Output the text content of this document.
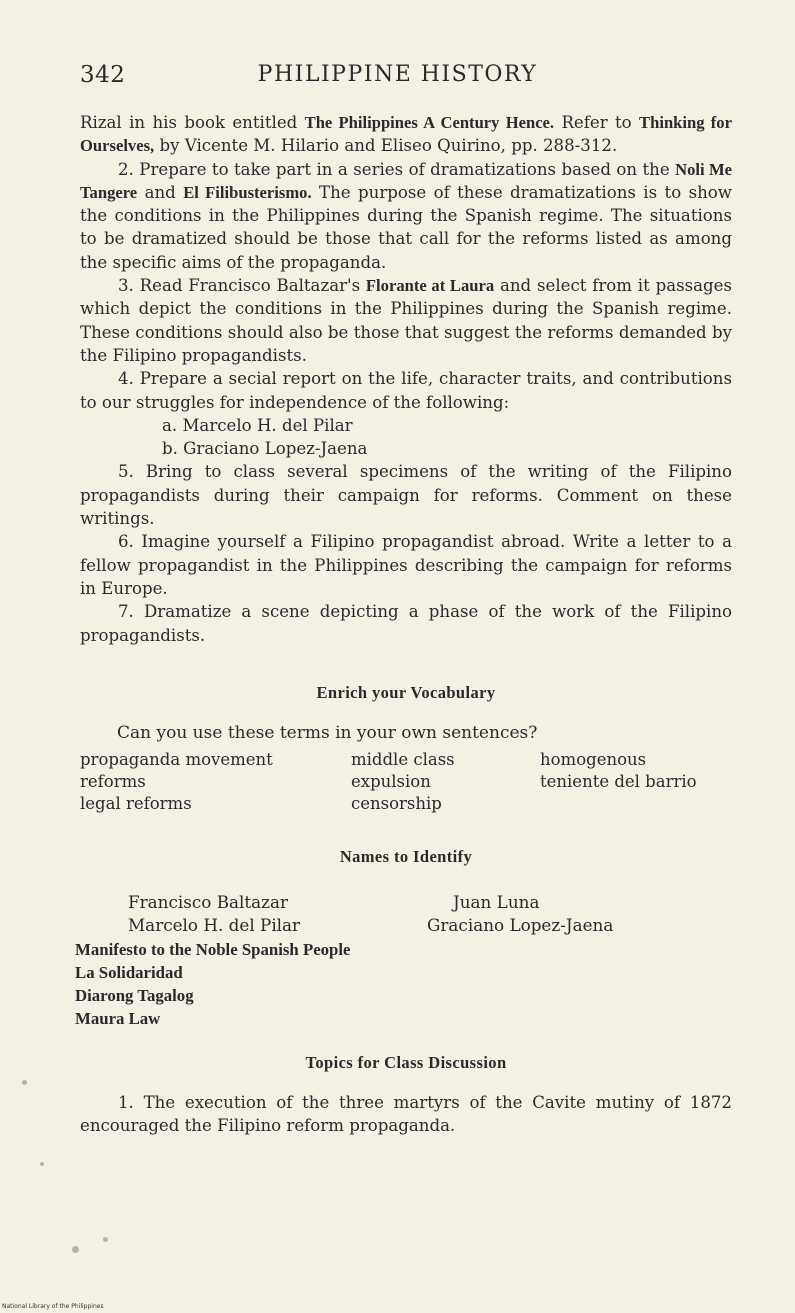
342	PHILIPPINE HISTORY

Rizal in his book entitled The Philippines A Century Hence. Refer to Thinking for Ourselves, by Vicente M. Hilario and Eliseo Quirino, pp. 288-312.

2. Prepare to take part in a series of dramatizations based on the Noli Me Tangere and El Filibusterismo. The purpose of these dramatizations is to show the conditions in the Philippines during the Spanish regime. The situations to be dramatized should be those that call for the reforms listed as among the specific aims of the propaganda.

3. Read Francisco Baltazar's Florante at Laura and select from it passages which depict the conditions in the Philippines during the Spanish regime. These conditions should also be those that suggest the reforms demanded by the Filipino propagandists.

4. Prepare a secial report on the life, character traits, and contributions to our struggles for independence of the following:

a. Marcelo H. del Pilar
b. Graciano Lopez-Jaena

5. Bring to class several specimens of the writing of the Filipino propagandists during their campaign for reforms. Comment on these writings.

6. Imagine yourself a Filipino propagandist abroad. Write a letter to a fellow propagandist in the Philippines describing the campaign for reforms in Europe.

7. Dramatize a scene depicting a phase of the work of the Filipino propagandists.

Enrich your Vocabulary

Can you use these terms in your own sentences?

propaganda movement
reforms
legal reforms
middle class
expulsion
censorship
homogenous
teniente del barrio

Names to Identify

Francisco Baltazar
Marcelo H. del Pilar
Juan Luna
Graciano Lopez-Jaena
Manifesto to the Noble Spanish People
La Solidaridad
Diarong Tagalog
Maura Law

Topics for Class Discussion

1. The execution of the three martyrs of the Cavite mutiny of 1872 encouraged the Filipino reform propaganda.

National Library of the Philippines
